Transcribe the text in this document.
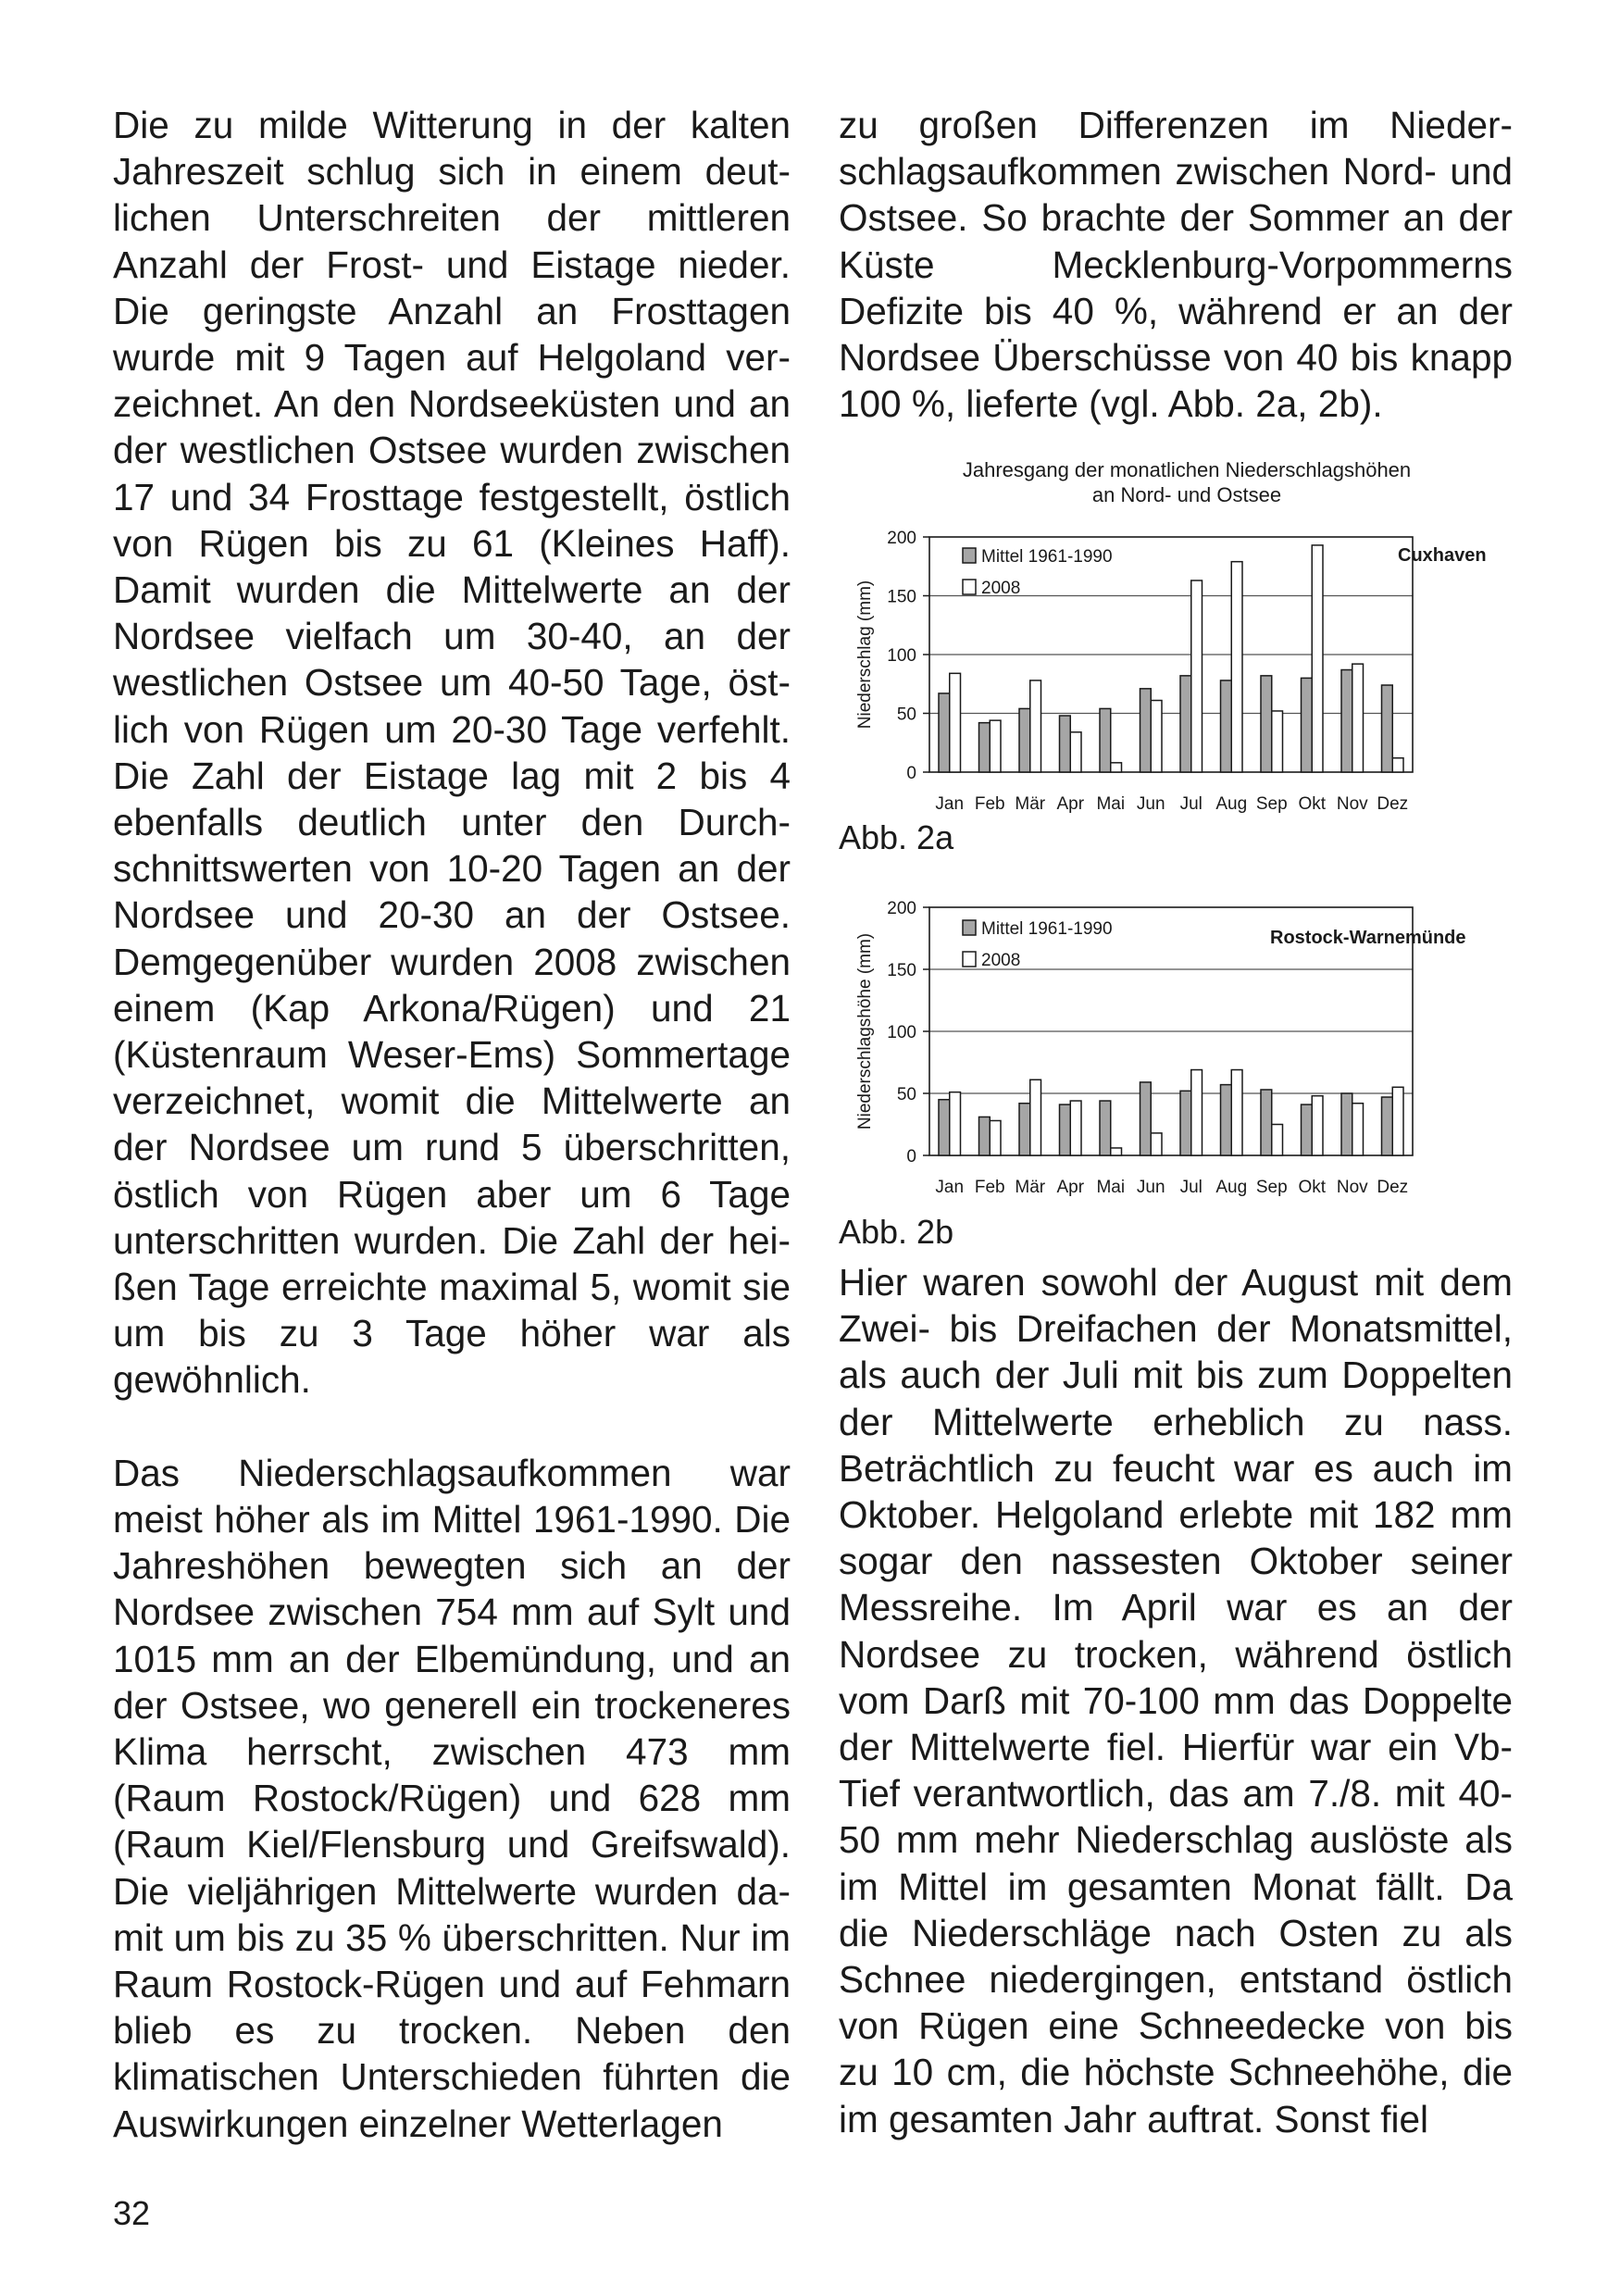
Die zu milde Witterung in der kalten Jahreszeit schlug sich in einem deutlichen Unterschreiten der mittleren Anzahl der Frost- und Eistage nieder. Die geringste Anzahl an Frosttagen wurde mit 9 Tagen auf Helgoland verzeichnet. An den Nordseeküsten und an der westlichen Ostsee wurden zwischen 17 und 34 Frosttage festgestellt, östlich von Rügen bis zu 61 (Kleines Haff). Damit wurden die Mittelwerte an der Nordsee vielfach um 30-40, an der westlichen Ostsee um 40-50 Tage, östlich von Rügen um 20-30 Tage verfehlt. Die Zahl der Eistage lag mit 2 bis 4 ebenfalls deutlich unter den Durchschnittswerten von 10-20 Tagen an der Nordsee und 20-30 an der Ostsee. Demgegenüber wurden 2008 zwischen einem (Kap Arkona/Rügen) und 21 (Küstenraum Weser-Ems) Sommertage verzeichnet, womit die Mittelwerte an der Nordsee um rund 5 überschritten, östlich von Rügen aber um 6 Tage unterschritten wurden. Die Zahl der heißen Tage erreichte maximal 5, womit sie um bis zu 3 Tage höher war als gewöhnlich.

Das Niederschlagsaufkommen war meist höher als im Mittel 1961-1990. Die Jahreshöhen bewegten sich an der Nordsee zwischen 754 mm auf Sylt und 1015 mm an der Elbemündung, und an der Ostsee, wo generell ein trockeneres Klima herrscht, zwischen 473 mm (Raum Rostock/Rügen) und 628 mm (Raum Kiel/Flensburg und Greifswald). Die vieljährigen Mittelwerte wurden damit um bis zu 35 % überschritten. Nur im Raum Rostock-Rügen und auf Fehmarn blieb es zu trocken. Neben den klimatischen Unterschieden führten die Auswirkungen einzelner Wetterlagen

zu großen Differenzen im Niederschlagsaufkommen zwischen Nord- und Ostsee. So brachte der Sommer an der Küste Mecklenburg-Vorpommerns Defizite bis 40 %, während er an der Nordsee Überschüsse von 40 bis knapp 100 %, lieferte (vgl. Abb. 2a, 2b).

Jahresgang der monatlichen Niederschlagshöhen
an Nord- und Ostsee
Niederschlag (mm)
0
50
100
150
200
Jan Feb Mär Apr Mai Jun Jul Aug Sep Okt Nov Dez
Mittel 1961-1990
2008
Cuxhaven
Abb. 2a
Niederschlagshöhe (mm)
0
50
100
150
200
Jan Feb Mär Apr Mai Jun Jul Aug Sep Okt Nov Dez
Mittel 1961-1990
2008
Rostock-Warnemünde
Abb. 2b

Hier waren sowohl der August mit dem Zwei- bis Dreifachen der Monatsmittel, als auch der Juli mit bis zum Doppelten der Mittelwerte erheblich zu nass. Beträchtlich zu feucht war es auch im Oktober. Helgoland erlebte mit 182 mm sogar den nassesten Oktober seiner Messreihe. Im April war es an der Nordsee zu trocken, während östlich vom Darß mit 70-100 mm das Doppelte der Mittelwerte fiel. Hierfür war ein Vb-Tief verantwortlich, das am 7./8. mit 40-50 mm mehr Niederschlag auslöste als im Mittel im gesamten Monat fällt. Da die Niederschläge nach Osten zu als Schnee niedergingen, entstand östlich von Rügen eine Schneedecke von bis zu 10 cm, die höchste Schneehöhe, die im gesamten Jahr auftrat. Sonst fiel

32
